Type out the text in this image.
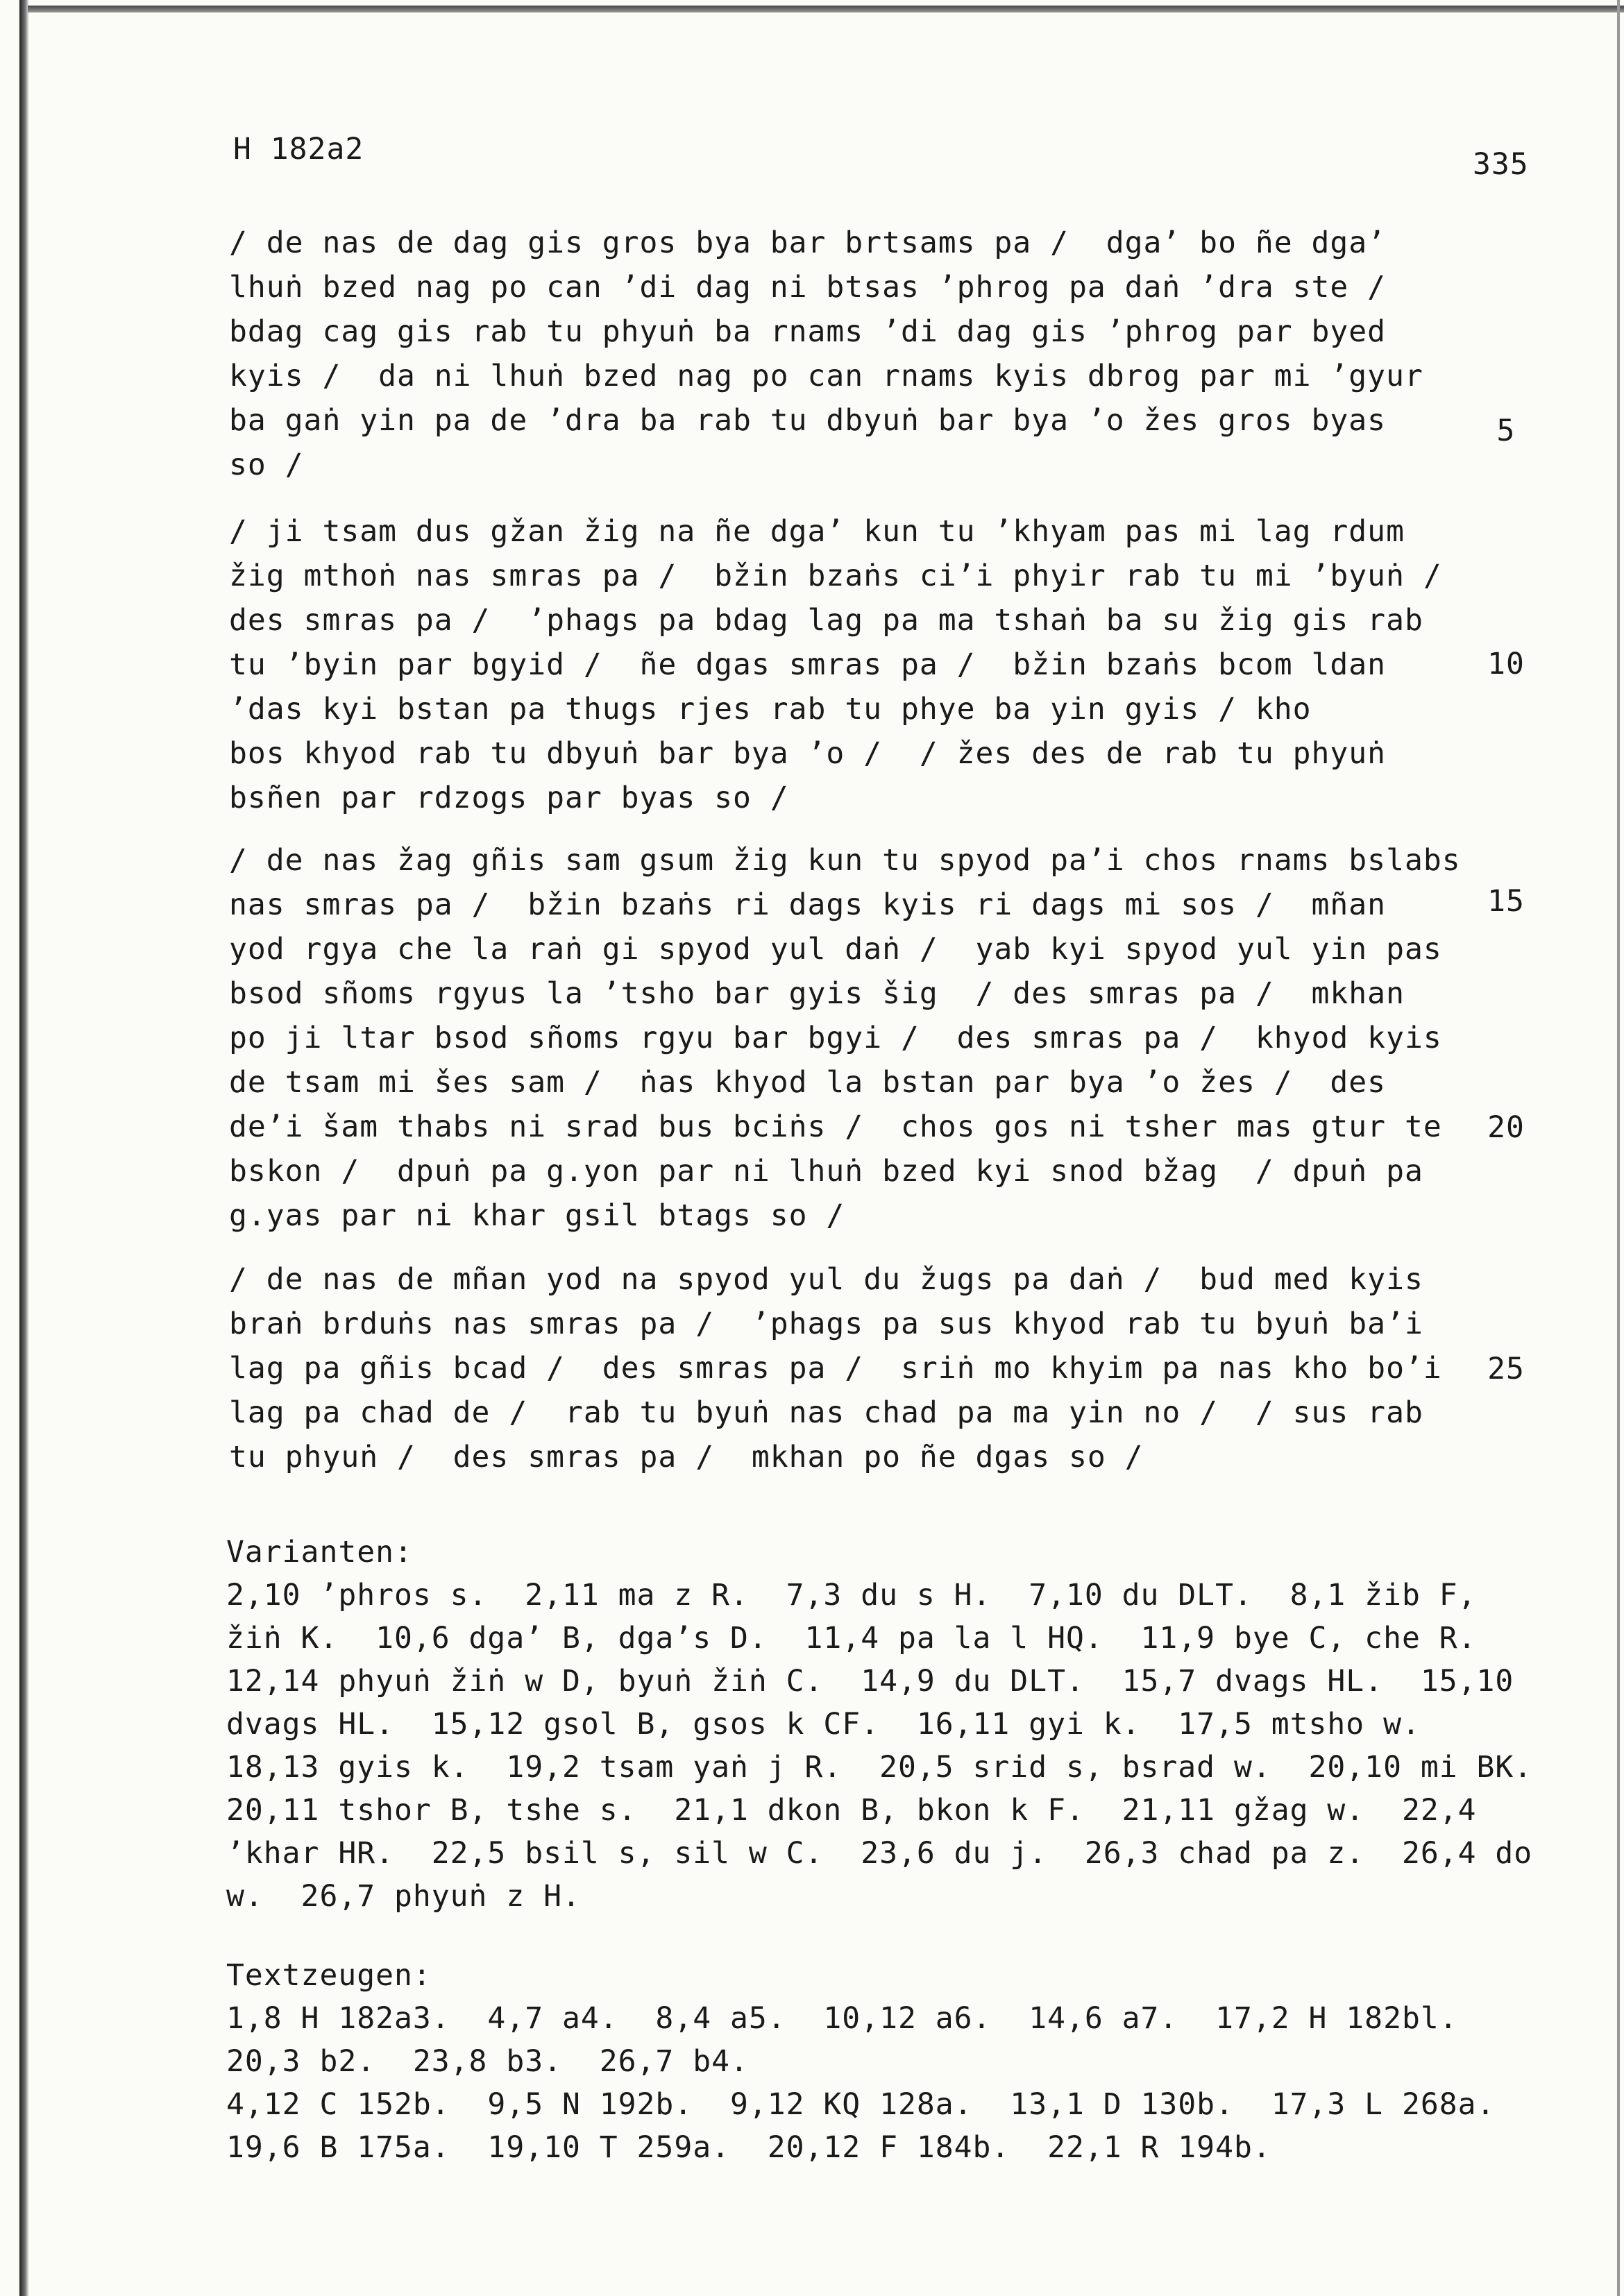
H 182a2	335
/ de nas de dag gis gros bya bar brtsams pa /  dga’ bo ñe dga’
lhuṅ bzed nag po can ’di dag ni btsas ’phrog pa daṅ ’dra ste /
bdag cag gis rab tu phyuṅ ba rnams ’di dag gis ’phrog par byed
kyis /  da ni lhuṅ bzed nag po can rnams kyis dbrog par mi ’gyur
ba gaṅ yin pa de ’dra ba rab tu dbyuṅ bar bya ’o žes gros byas
so /
/ ji tsam dus gžan žig na ñe dga’ kun tu ’khyam pas mi lag rdum
žig mthoṅ nas smras pa /  bžin bzaṅs ci’i phyir rab tu mi ’byuṅ /
des smras pa /  ’phags pa bdag lag pa ma tshaṅ ba su žig gis rab
tu ’byin par bgyid /  ñe dgas smras pa /  bžin bzaṅs bcom ldan
’das kyi bstan pa thugs rjes rab tu phye ba yin gyis / kho
bos khyod rab tu dbyuṅ bar bya ’o /  / žes des de rab tu phyuṅ
bsñen par rdzogs par byas so /
/ de nas žag gñis sam gsum žig kun tu spyod pa’i chos rnams bslabs
nas smras pa /  bžin bzaṅs ri dags kyis ri dags mi sos /  mñan
yod rgya che la raṅ gi spyod yul daṅ /  yab kyi spyod yul yin pas
bsod sñoms rgyus la ’tsho bar gyis šig  / des smras pa /  mkhan
po ji ltar bsod sñoms rgyu bar bgyi /  des smras pa /  khyod kyis
de tsam mi šes sam /  ṅas khyod la bstan par bya ’o žes /  des
de’i šam thabs ni srad bus bciṅs /  chos gos ni tsher mas gtur te
bskon /  dpuṅ pa g.yon par ni lhuṅ bzed kyi snod bžag  / dpuṅ pa
g.yas par ni khar gsil btags so /
/ de nas de mñan yod na spyod yul du žugs pa daṅ /  bud med kyis
braṅ brduṅs nas smras pa /  ’phags pa sus khyod rab tu byuṅ ba’i
lag pa gñis bcad /  des smras pa /  sriṅ mo khyim pa nas kho bo’i
lag pa chad de /  rab tu byuṅ nas chad pa ma yin no /  / sus rab
tu phyuṅ /  des smras pa /  mkhan po ñe dgas so /
5
10
15
20
25
Varianten:
2,10 ’phros s.  2,11 ma z R.  7,3 du s H.  7,10 du DLT.  8,1 žib F,
žiṅ K.  10,6 dga’ B, dga’s D.  11,4 pa la l HQ.  11,9 bye C, che R.
12,14 phyuṅ žiṅ w D, byuṅ žiṅ C.  14,9 du DLT.  15,7 dvags HL.  15,10
dvags HL.  15,12 gsol B, gsos k CF.  16,11 gyi k.  17,5 mtsho w.
18,13 gyis k.  19,2 tsam yaṅ j R.  20,5 srid s, bsrad w.  20,10 mi BK.
20,11 tshor B, tshe s.  21,1 dkon B, bkon k F.  21,11 gžag w.  22,4
’khar HR.  22,5 bsil s, sil w C.  23,6 du j.  26,3 chad pa z.  26,4 do
w.  26,7 phyuṅ z H.
Textzeugen:
1,8 H 182a3.  4,7 a4.  8,4 a5.  10,12 a6.  14,6 a7.  17,2 H 182bl.
20,3 b2.  23,8 b3.  26,7 b4.
4,12 C 152b.  9,5 N 192b.  9,12 KQ 128a.  13,1 D 130b.  17,3 L 268a.
19,6 B 175a.  19,10 T 259a.  20,12 F 184b.  22,1 R 194b.
